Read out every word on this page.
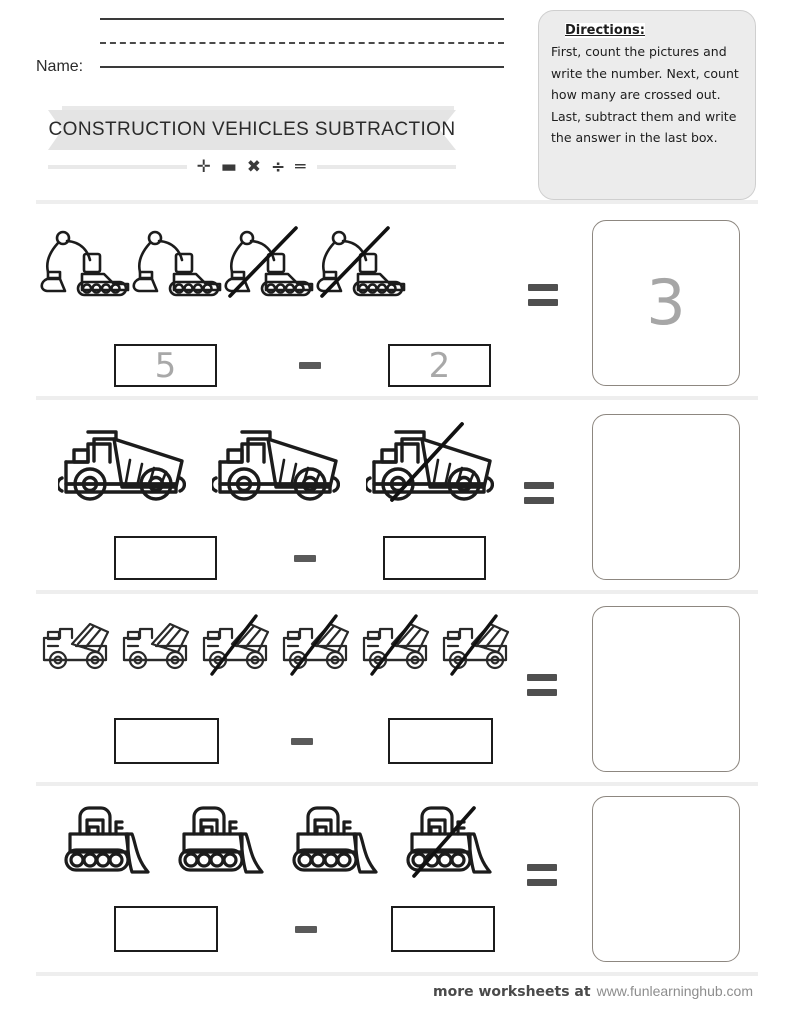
Name:
CONSTRUCTION VEHICLES SUBTRACTION
✛ ▬ ✖ ÷ ═
Directions:
First, count the pictures and write the number. Next, count how many are crossed out. Last, subtract them and write the answer in the last box.
5	2
3
more worksheets at www.funlearninghub.com
